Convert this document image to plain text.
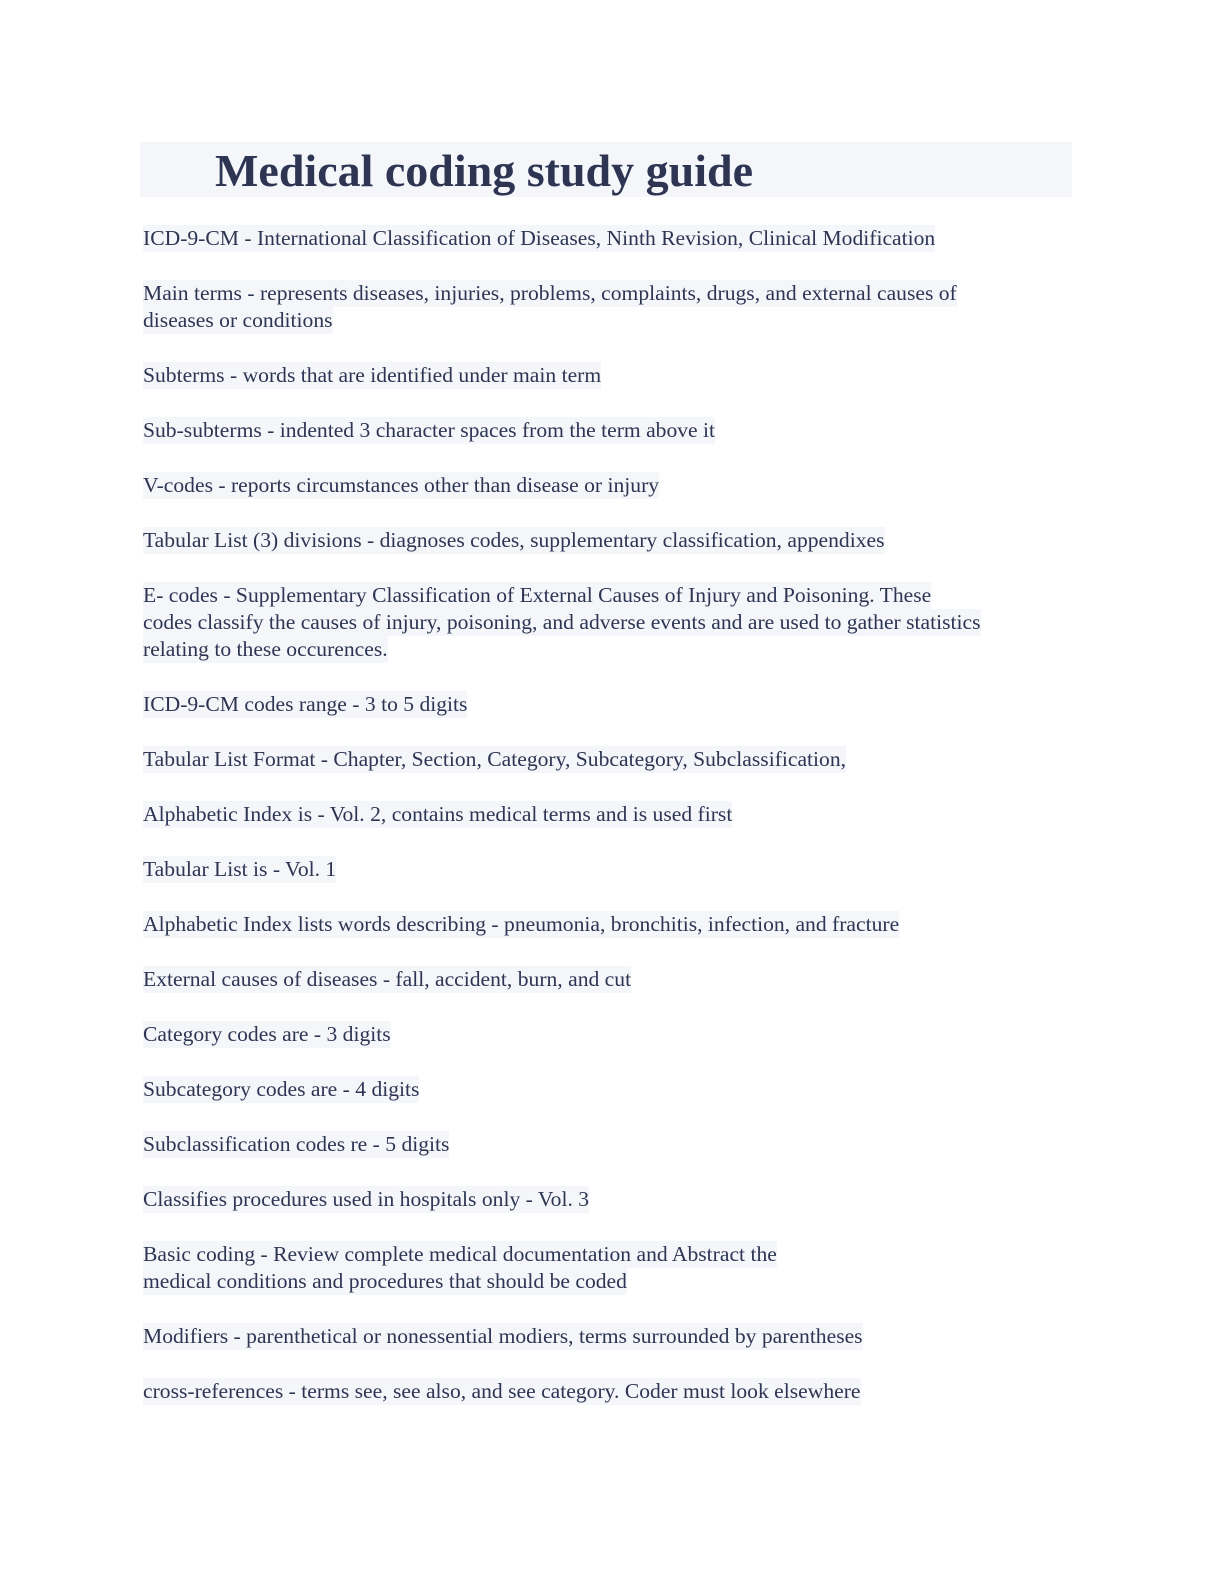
Medical coding study guide
ICD-9-CM - International Classification of Diseases, Ninth Revision, Clinical Modification
Main terms - represents diseases, injuries, problems, complaints, drugs, and external causes of
diseases or conditions
Subterms - words that are identified under main term
Sub-subterms - indented 3 character spaces from the term above it
V-codes - reports circumstances other than disease or injury
Tabular List (3) divisions - diagnoses codes, supplementary classification, appendixes
E- codes - Supplementary Classification of External Causes of Injury and Poisoning. These
codes classify the causes of injury, poisoning, and adverse events and are used to gather statistics
relating to these occurences.
ICD-9-CM codes range - 3 to 5 digits
Tabular List Format - Chapter, Section, Category, Subcategory, Subclassification,
Alphabetic Index is - Vol. 2, contains medical terms and is used first
Tabular List is - Vol. 1
Alphabetic Index lists words describing - pneumonia, bronchitis, infection, and fracture
External causes of diseases - fall, accident, burn, and cut
Category codes are - 3 digits
Subcategory codes are - 4 digits
Subclassification codes re - 5 digits
Classifies procedures used in hospitals only - Vol. 3
Basic coding - Review complete medical documentation and Abstract the
medical conditions and procedures that should be coded
Modifiers - parenthetical or nonessential modiers, terms surrounded by parentheses
cross-references - terms see, see also, and see category. Coder must look elsewhere
